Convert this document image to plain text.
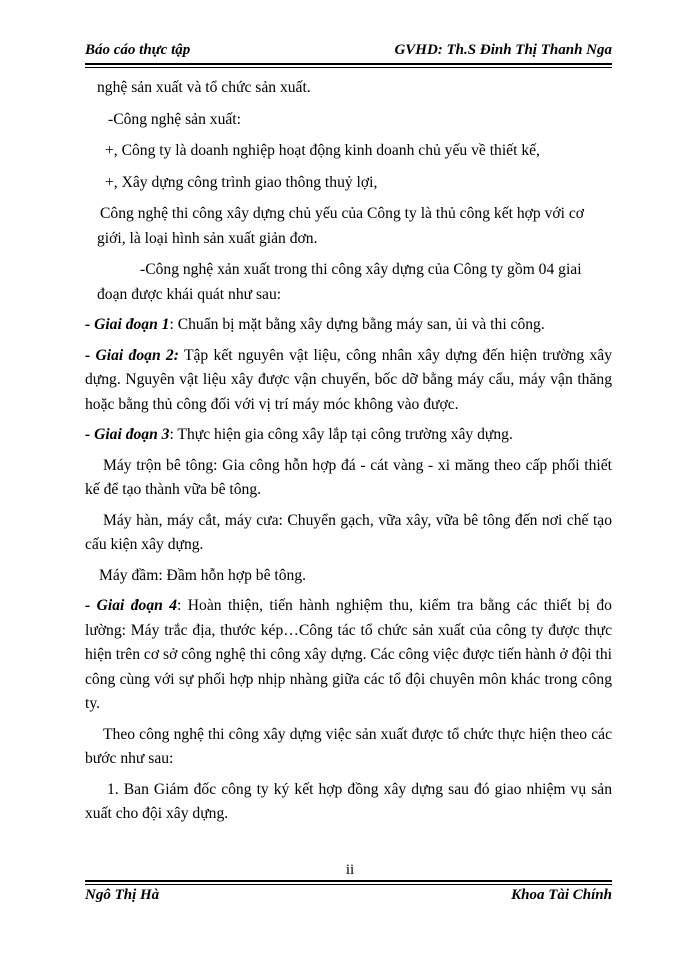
Báo cáo thực tập	GVHD: Th.S Đinh Thị Thanh Nga

nghệ sản xuất và tổ chức sản xuất.

-Công nghệ sản xuất:

+, Công ty là doanh nghiệp hoạt động kinh doanh chủ yếu về thiết kế,

+, Xây dựng công trình giao thông thuỷ lợi,

Công nghệ thi công xây dựng chủ yếu của Công ty là thủ công kết hợp với cơ

giới, là loại hình sản xuất giản đơn.

-Công nghệ xản xuất trong thi công xây dựng của Công ty gồm 04 giai

đoạn được khái quát như sau:

- Giai đoạn 1: Chuẩn bị mặt bằng xây dựng bằng máy san, ủi và thi công.

- Giai đoạn 2: Tập kết nguyên vật liệu, công nhân xây dựng đến hiện trường xây dựng. Nguyên vật liệu xây được vận chuyển, bốc dỡ bằng máy cẩu, máy vận thăng hoặc bằng thủ công đối với vị trí máy móc không vào được.

- Giai đoạn 3: Thực hiện gia công xây lắp tại công trường xây dựng.

Máy trộn bê tông: Gia công hỗn hợp đá - cát vàng - xi măng theo cấp phối thiết kế để tạo thành vữa bê tông.

Máy hàn, máy cắt, máy cưa: Chuyển gạch, vữa xây, vữa bê tông đến nơi chế tạo cấu kiện xây dựng.

Máy đầm: Đầm hỗn hợp bê tông.

- Giai đoạn 4: Hoàn thiện, tiến hành nghiệm thu, kiểm tra bằng các thiết bị đo lường: Máy trắc địa, thước kép…Công tác tổ chức sản xuất của công ty được thực hiện trên cơ sở công nghệ thi công xây dựng. Các công việc được tiến hành ở đội thi công cùng với sự phối hợp nhịp nhàng giữa các tổ đội chuyên môn khác trong công ty.

Theo công nghệ thi công xây dựng việc sản xuất được tổ chức thực hiện theo các bước như sau:

1. Ban Giám đốc công ty ký kết hợp đồng xây dựng sau đó giao nhiệm vụ sản xuất cho đội xây dựng.

ii
Ngô Thị Hà	Khoa Tài Chính
